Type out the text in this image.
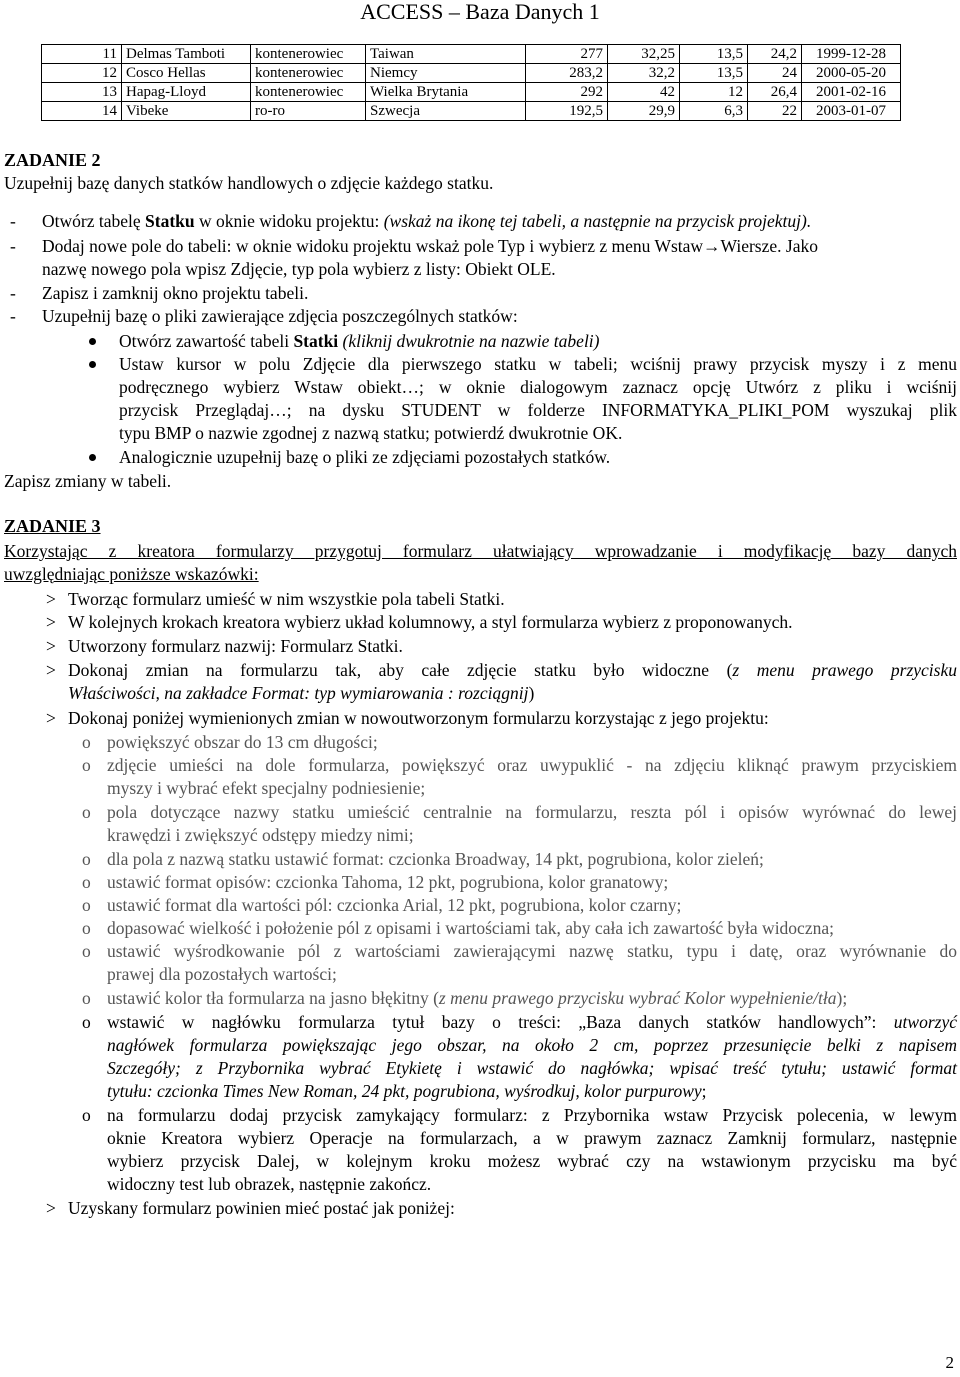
ACCESS – Baza Danych 1
11	Delmas Tamboti	kontenerowiec	Taiwan	277	32,25	13,5	24,2	1999-12-28
12	Cosco Hellas	kontenerowiec	Niemcy	283,2	32,2	13,5	24	2000-05-20
13	Hapag-Lloyd	kontenerowiec	Wielka Brytania	292	42	12	26,4	2001-02-16
14	Vibeke	ro-ro	Szwecja	192,5	29,9	6,3	22	2003-01-07
ZADANIE 2
Uzupełnij bazę danych statków handlowych o zdjęcie każdego statku.
- Otwórz tabelę Statku w oknie widoku projektu: (wskaż na ikonę tej tabeli, a następnie na przycisk projektuj).
- Dodaj nowe pole do tabeli: w oknie widoku projektu wskaż pole Typ i wybierz z menu Wstaw→Wiersze. Jako
nazwę nowego pola wpisz Zdjęcie, typ pola wybierz z listy: Obiekt OLE.
- Zapisz i zamknij okno projektu tabeli.
- Uzupełnij bazę o pliki zawierające zdjęcia poszczególnych statków:
Otwórz zawartość tabeli Statki (kliknij dwukrotnie na nazwie tabeli)
Ustaw kursor w polu Zdjęcie dla pierwszego statku w tabeli; wciśnij prawy przycisk myszy i z menu
podręcznego wybierz Wstaw obiekt…; w oknie dialogowym zaznacz opcję Utwórz z pliku i wciśnij
przycisk Przeglądaj…; na dysku STUDENT w folderze INFORMATYKA_PLIKI_POM wyszukaj plik
typu BMP o nazwie zgodnej z nazwą statku; potwierdź dwukrotnie OK.
Analogicznie uzupełnij bazę o pliki ze zdjęciami pozostałych statków.
Zapisz zmiany w tabeli.
ZADANIE 3
Korzystając z kreatora formularzy przygotuj formularz ułatwiający wprowadzanie i modyfikację bazy danych
uwzględniając poniższe wskazówki:
> Tworząc formularz umieść w nim wszystkie pola tabeli Statki.
> W kolejnych krokach kreatora wybierz układ kolumnowy, a styl formularza wybierz z proponowanych.
> Utworzony formularz nazwij: Formularz Statki.
> Dokonaj zmian na formularzu tak, aby całe zdjęcie statku było widoczne (z menu prawego przycisku
Właściwości, na zakładce Format: typ wymiarowania : rozciągnij)
> Dokonaj poniżej wymienionych zmian w nowoutworzonym formularzu korzystając z jego projektu:
o powiększyć obszar do 13 cm długości;
o zdjęcie umieści na dole formularza, powiększyć oraz uwypuklić - na zdjęciu kliknąć prawym przyciskiem
myszy i wybrać efekt specjalny podniesienie;
o pola dotyczące nazwy statku umieścić centralnie na formularzu, reszta pól i opisów wyrównać do lewej
krawędzi i zwiększyć odstępy miedzy nimi;
o dla pola z nazwą statku ustawić format: czcionka Broadway, 14 pkt, pogrubiona, kolor zieleń;
o ustawić format opisów: czcionka Tahoma, 12 pkt, pogrubiona, kolor granatowy;
o ustawić format dla wartości pól: czcionka Arial, 12 pkt, pogrubiona, kolor czarny;
o dopasować wielkość i położenie pól z opisami i wartościami tak, aby cała ich zawartość była widoczna;
o ustawić wyśrodkowanie pól z wartościami zawierającymi nazwę statku, typu i datę, oraz wyrównanie do
prawej dla pozostałych wartości;
o ustawić kolor tła formularza na jasno błękitny (z menu prawego przycisku wybrać Kolor wypełnienie/tła);
o wstawić w nagłówku formularza tytuł bazy o treści: „Baza danych statków handlowych”: utworzyć
nagłówek formularza powiększając jego obszar, na około 2 cm, poprzez przesunięcie belki z napisem
Szczegóły; z Przybornika wybrać Etykietę i wstawić do nagłówka; wpisać treść tytułu; ustawić format
tytułu: czcionka Times New Roman, 24 pkt, pogrubiona, wyśrodkuj, kolor purpurowy;
o na formularzu dodaj przycisk zamykający formularz: z Przybornika wstaw Przycisk polecenia, w lewym
oknie Kreatora wybierz Operacje na formularzach, a w prawym zaznacz Zamknij formularz, następnie
wybierz przycisk Dalej, w kolejnym kroku możesz wybrać czy na wstawionym przycisku ma być
widoczny test lub obrazek, następnie zakończ.
> Uzyskany formularz powinien mieć postać jak poniżej:
2
